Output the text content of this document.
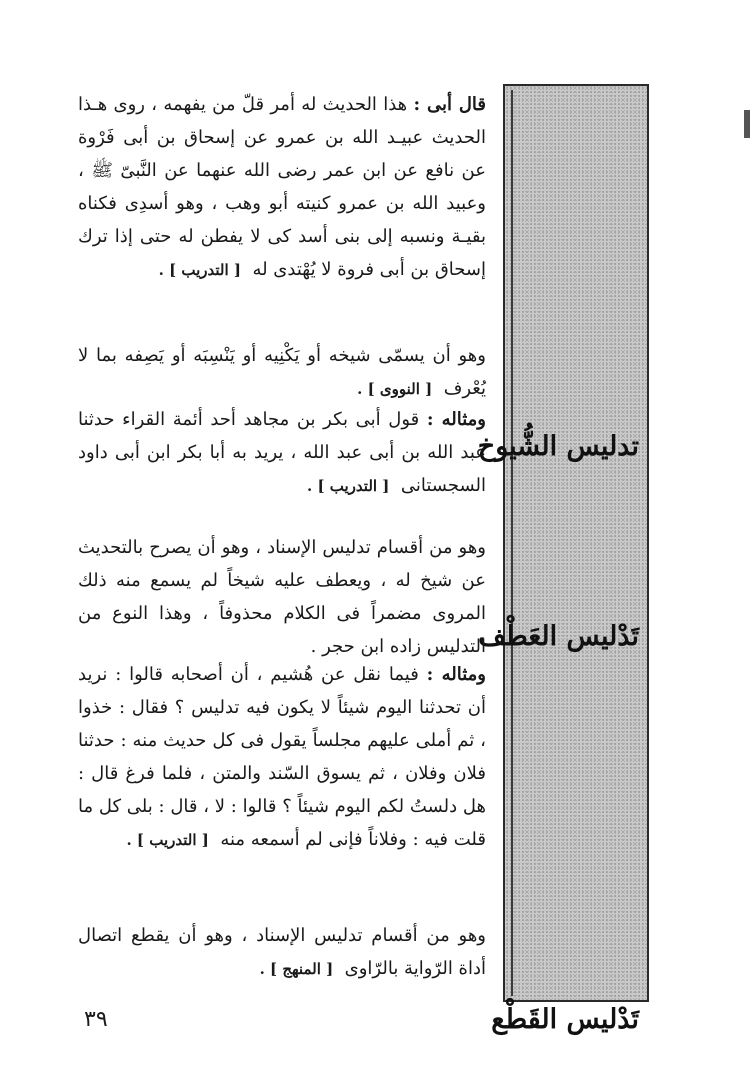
تدليس الشُّيوخ
تَدْليس العَطْف
تَدْليس القَطْع

قال أبى : هذا الحديث له أمر قلّ من يفهمه ، روى هـذا الحديث عبيـد الله بن عمرو عن إسحاق بن أبى فَرْوة عن نافع عن ابن عمر رضى الله عنهما عن النَّبىّ ﷺ ، وعبيد الله بن عمرو كنيته أبو وهب ، وهو أسدِى فكناه بقيـة ونسبه إلى بنى أسد كى لا يفطن له حتى إذا ترك إسحاق بن أبى فروة لا يُهْتدى له  [ التدريب ] .

وهو أن يسمّى شيخه أو يَكْنِيه أو يَنْسِبَه أو يَصِفه بما لا يُعْرف  [ النووى ] .

ومثاله : قول أبى بكر بن مجاهد أحد أئمة القراء حدثنا عبد الله بن أبى عبد الله ، يريد به أبا بكر ابن أبى داود السجستانى  [ التدريب ] .

وهو من أقسام تدليس الإسناد ، وهو أن يصرح بالتحديث عن شيخ له ، ويعطف عليه شيخاً لم يسمع منه ذلك المروى مضمراً فى الكلام محذوفاً ، وهذا النوع من التدليس زاده ابن حجر .

ومثاله : فيما نقل عن هُشيم ، أن أصحابه قالوا : نريد أن تحدثنا اليوم شيئاً لا يكون فيه تدليس ؟ فقال : خذوا ، ثم أملى عليهم مجلساً يقول فى كل حديث منه : حدثنا فلان وفلان ، ثم يسوق السّند والمتن ، فلما فرغ قال : هل دلستُ لكم اليوم شيئاً ؟ قالوا : لا ، قال : بلى كل ما قلت فيه : وفلاناً فإنى لم أسمعه منه  [ التدريب ] .

وهو من أقسام تدليس الإسناد ، وهو أن يقطع اتصال أداة الرّواية بالرّاوى  [ المنهج ] .

٣٩
